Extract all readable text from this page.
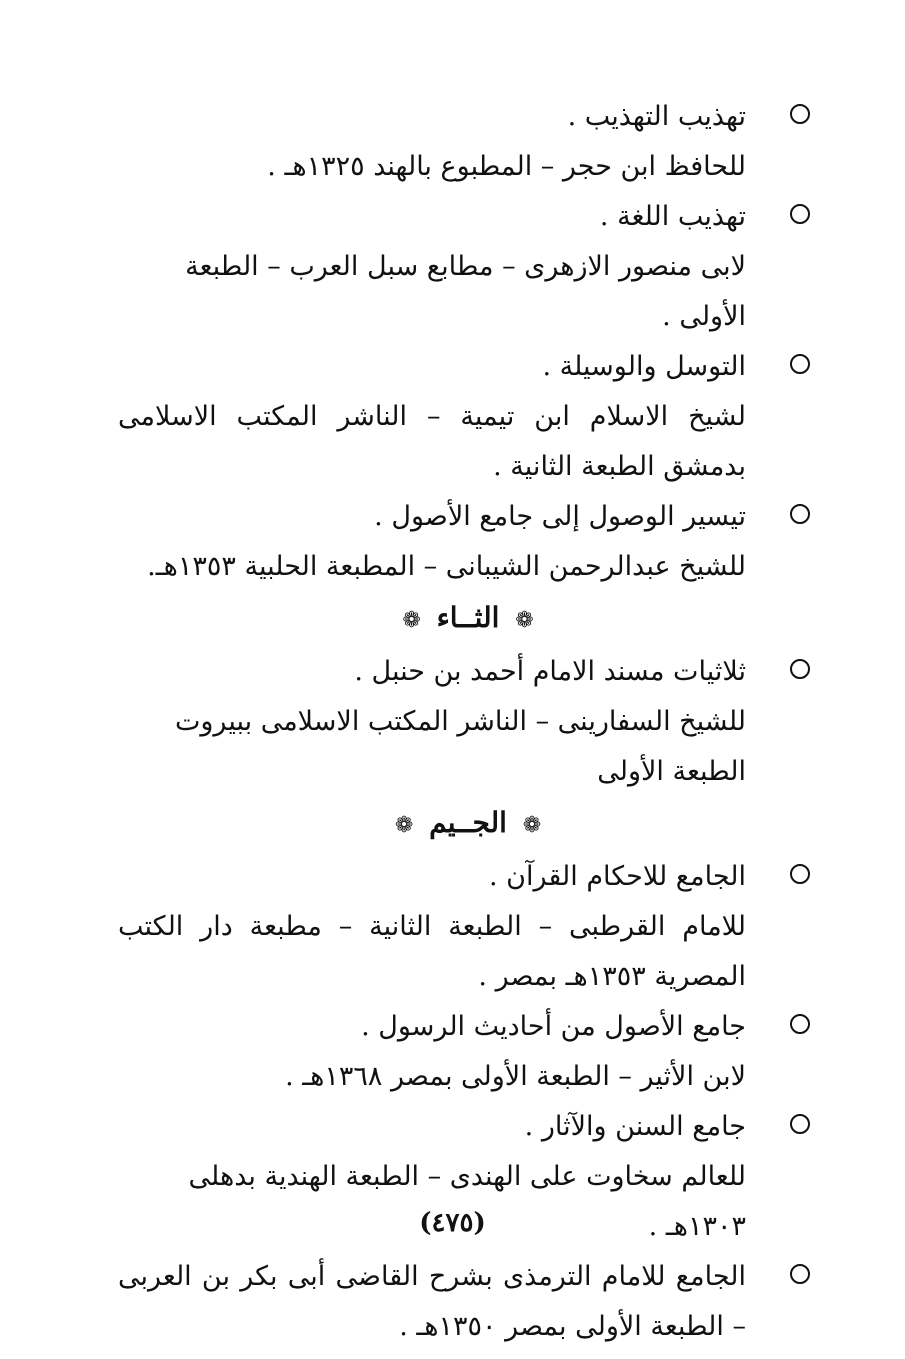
تهذيب التهذيب .

للحافظ ابن حجر – المطبوع بالهند ١٣٢٥هـ .

تهذيب اللغة .

لابى منصور الازهرى – مطابع سبل العرب – الطبعة الأولى .

التوسل والوسيلة .

لشيخ الاسلام ابن تيمية – الناشر المكتب الاسلامى بدمشق الطبعة الثانية .

تيسير الوصول إلى جامع الأصول .

للشيخ عبدالرحمن الشيبانى – المطبعة الحلبية ١٣٥٣هـ.

❁ الثــاء ❁

ثلاثيات مسند الامام أحمد بن حنبل .

للشيخ السفارينى – الناشر المكتب الاسلامى ببيروت الطبعة الأولى

❁ الجــيم ❁

الجامع للاحكام القرآن .

للامام القرطبى – الطبعة الثانية – مطبعة دار الكتب المصرية ١٣٥٣هـ بمصر .

جامع الأصول من أحاديث الرسول .

لابن الأثير – الطبعة الأولى بمصر ١٣٦٨هـ .

جامع السنن والآثار .

للعالم سخاوت على الهندى – الطبعة الهندية بدهلى ١٣٠٣هـ .

الجامع للامام الترمذى بشرح القاضى أبى بكر بن العربى – الطبعة الأولى بمصر ١٣٥٠هـ .

(٤٧٥)
